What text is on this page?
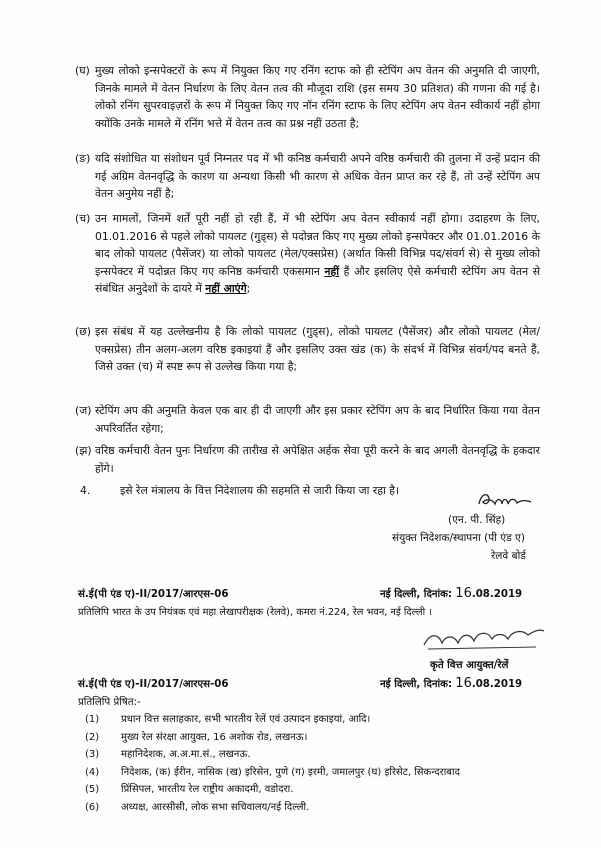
(घ) मुख्य लोको इन्सपेक्टरों के रूप में नियुक्त किए गए रनिंग स्टाफ को ही स्टेपिंग अप वेतन की अनुमति दी जाएगी, जिनके मामले में वेतन निर्धारण के लिए वेतन तत्व की मौजूदा राशि (इस समय 30 प्रतिशत) की गणना की गई है। लोको रनिंग सुपरवाइज़रों के रूप में नियुक्त किए गए नॉन रनिंग स्टाफ के लिए स्टेपिंग अप वेतन स्वीकार्य नहीं होगा क्योंकि उनके मामले में रनिंग भत्ते में वेतन तत्व का प्रश्न नहीं उठता है;

(ङ) यदि संशोधित या संशोधन पूर्व निम्नतर पद में भी कनिष्ठ कर्मचारी अपने वरिष्ठ कर्मचारी की तुलना में उन्हें प्रदान की गई अग्रिम वेतनवृद्धि के कारण या अन्यथा किसी भी कारण से अधिक वेतन प्राप्त कर रहे हैं, तो उन्हें स्टेपिंग अप वेतन अनुमेय नहीं है;

(च) उन मामलों, जिनमें शर्तें पूरी नहीं हो रही हैं, में भी स्टेपिंग अप वेतन स्वीकार्य नहीं होगा। उदाहरण के लिए, 01.01.2016 से पहले लोको पायलट (गुड्स) से पदोन्नत किए गए मुख्य लोको इन्सपेक्टर और 01.01.2016 के बाद लोको पायलट (पैसेंजर) या लोको पायलट (मेल/एक्सप्रेस) (अर्थात किसी विभिन्न पद/संवर्ग से) से मुख्य लोको इन्सपेक्टर में पदोन्नत किए गए कनिष्ठ कर्मचारी एकसमान नहीं हैं और इसलिए ऐसे कर्मचारी स्टेपिंग अप वेतन से संबंधित अनुदेशों के दायरे में नहीं आएंगे;

(छ) इस संबंध में यह उल्लेखनीय है कि लोको पायलट (गुड्स), लोको पायलट (पैसेंजर) और लोको पायलट (मेल/एक्सप्रेस) तीन अलग-अलग वरिष्ठ इकाइयां हैं और इसलिए उक्त खंड (क) के संदर्भ में विभिन्न संवर्ग/पद बनते हैं, जिसे उक्त (च) में स्पष्ट रूप से उल्लेख किया गया है;

(ज) स्टेपिंग अप की अनुमति केवल एक बार ही दी जाएगी और इस प्रकार स्टेपिंग अप के बाद निर्धारित किया गया वेतन अपरिवर्तित रहेगा;

(झ) वरिष्ठ कर्मचारी वेतन पुनः निर्धारण की तारीख से अपेक्षित अर्हक सेवा पूरी करने के बाद अगली वेतनवृद्धि के हकदार होंगे।

4.	इसे रेल मंत्रालय के वित्त निदेशालय की सहमति से जारी किया जा रहा है।
(एन. पी. सिंह)
संयुक्त निदेशक/स्थापना (पी एंड ए)
रेलवे बोर्ड
सं.ई(पी एंड ए)-II/2017/आरएस-06	नई दिल्ली, दिनांक: 16.08.2019
प्रतिलिपि भारत के उप नियंत्रक एवं महा लेखापरीक्षक (रेलवे), कमरा नं.224, रेल भवन, नई दिल्ली ।
कृते वित्त आयुक्त/रेलें
सं.ई(पी एंड ए)-II/2017/आरएस-06	नई दिल्ली, दिनांक: 16.08.2019
प्रतिलिपि प्रेषित:-
(1) प्रधान वित्त सलाहकार, सभी भारतीय रेलें एवं उत्पादन इकाइयां, आदि।
(2) मुख्य रेल संरक्षा आयुक्त, 16 अशोक रोड, लखनऊ।
(3) महानिदेशक, अ.अ.मा.सं., लखनऊ.
(4) निदेशक, (क) ईरीन, नासिक (ख) इरिसेन, पुणे (ग) इरमी, जमालपुर (घ) इरिसेट, सिकन्दराबाद
(5) प्रिंसिपल, भारतीय रेल राष्ट्रीय अकादमी, वडोदरा.
(6) अध्यक्ष, आरसीसी, लोक सभा सचिवालय/नई दिल्ली.
